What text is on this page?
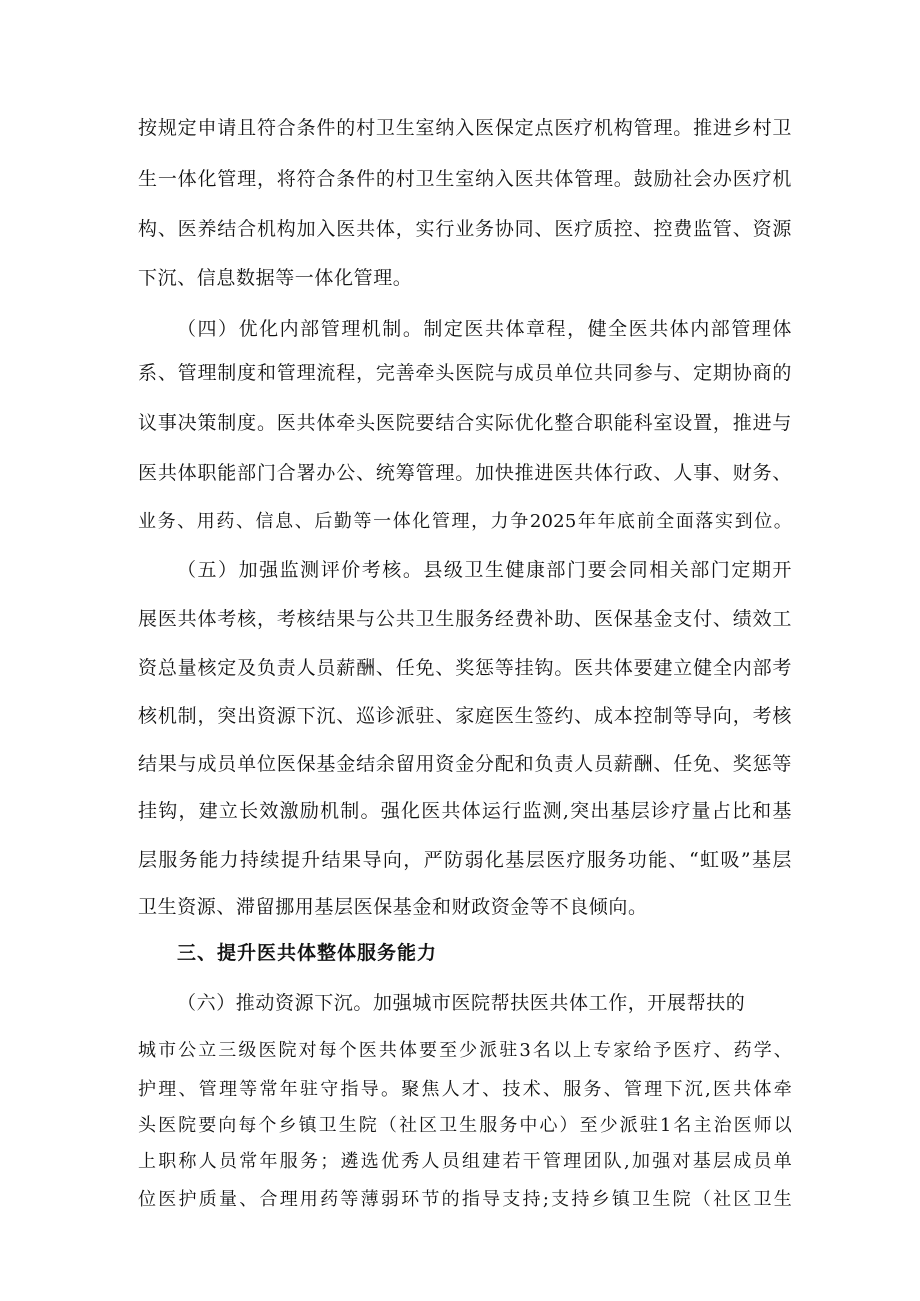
按规定申请且符合条件的村卫生室纳入医保定点医疗机构管理。推进乡村卫
生一体化管理，将符合条件的村卫生室纳入医共体管理。鼓励社会办医疗机
构、医养结合机构加入医共体，实行业务协同、医疗质控、控费监管、资源
下沉、信息数据等一体化管理。
（四）优化内部管理机制。制定医共体章程，健全医共体内部管理体
系、管理制度和管理流程，完善牵头医院与成员单位共同参与、定期协商的
议事决策制度。医共体牵头医院要结合实际优化整合职能科室设置，推进与
医共体职能部门合署办公、统筹管理。加快推进医共体行政、人事、财务、
业务、用药、信息、后勤等一体化管理，力争2025年年底前全面落实到位。
（五）加强监测评价考核。县级卫生健康部门要会同相关部门定期开
展医共体考核，考核结果与公共卫生服务经费补助、医保基金支付、绩效工
资总量核定及负责人员薪酬、任免、奖惩等挂钩。医共体要建立健全内部考
核机制，突出资源下沉、巡诊派驻、家庭医生签约、成本控制等导向，考核
结果与成员单位医保基金结余留用资金分配和负责人员薪酬、任免、奖惩等
挂钩，建立长效激励机制。强化医共体运行监测,突出基层诊疗量占比和基
层服务能力持续提升结果导向，严防弱化基层医疗服务功能、“虹吸”基层
卫生资源、滞留挪用基层医保基金和财政资金等不良倾向。
三、提升医共体整体服务能力
（六）推动资源下沉。加强城市医院帮扶医共体工作，开展帮扶的
城市公立三级医院对每个医共体要至少派驻3名以上专家给予医疗、药学、
护理、管理等常年驻守指导。聚焦人才、技术、服务、管理下沉,医共体牵
头医院要向每个乡镇卫生院（社区卫生服务中心）至少派驻1名主治医师以
上职称人员常年服务；遴选优秀人员组建若干管理团队,加强对基层成员单
位医护质量、合理用药等薄弱环节的指导支持;支持乡镇卫生院（社区卫生
